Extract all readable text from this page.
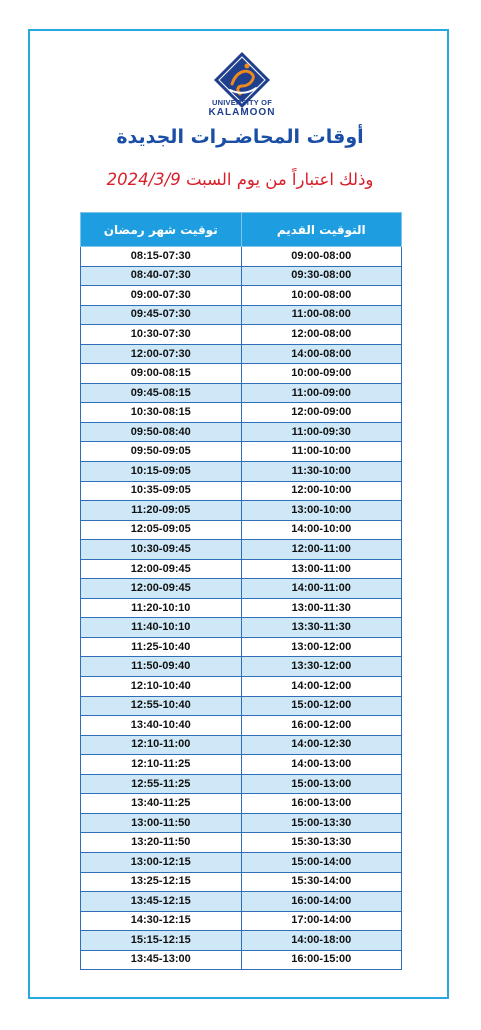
UNIVERSITY OF
KALAMOON
أوقات المحاضـرات الجديدة
وذلك اعتباراً من يوم السبت 2024/3/9
توقيت شهر رمضان	التوقيت القديم
08:15-07:30	09:00-08:00
08:40-07:30	09:30-08:00
09:00-07:30	10:00-08:00
09:45-07:30	11:00-08:00
10:30-07:30	12:00-08:00
12:00-07:30	14:00-08:00
09:00-08:15	10:00-09:00
09:45-08:15	11:00-09:00
10:30-08:15	12:00-09:00
09:50-08:40	11:00-09:30
09:50-09:05	11:00-10:00
10:15-09:05	11:30-10:00
10:35-09:05	12:00-10:00
11:20-09:05	13:00-10:00
12:05-09:05	14:00-10:00
10:30-09:45	12:00-11:00
12:00-09:45	13:00-11:00
12:00-09:45	14:00-11:00
11:20-10:10	13:00-11:30
11:40-10:10	13:30-11:30
11:25-10:40	13:00-12:00
11:50-09:40	13:30-12:00
12:10-10:40	14:00-12:00
12:55-10:40	15:00-12:00
13:40-10:40	16:00-12:00
12:10-11:00	14:00-12:30
12:10-11:25	14:00-13:00
12:55-11:25	15:00-13:00
13:40-11:25	16:00-13:00
13:00-11:50	15:00-13:30
13:20-11:50	15:30-13:30
13:00-12:15	15:00-14:00
13:25-12:15	15:30-14:00
13:45-12:15	16:00-14:00
14:30-12:15	17:00-14:00
15:15-12:15	14:00-18:00
13:45-13:00	16:00-15:00
